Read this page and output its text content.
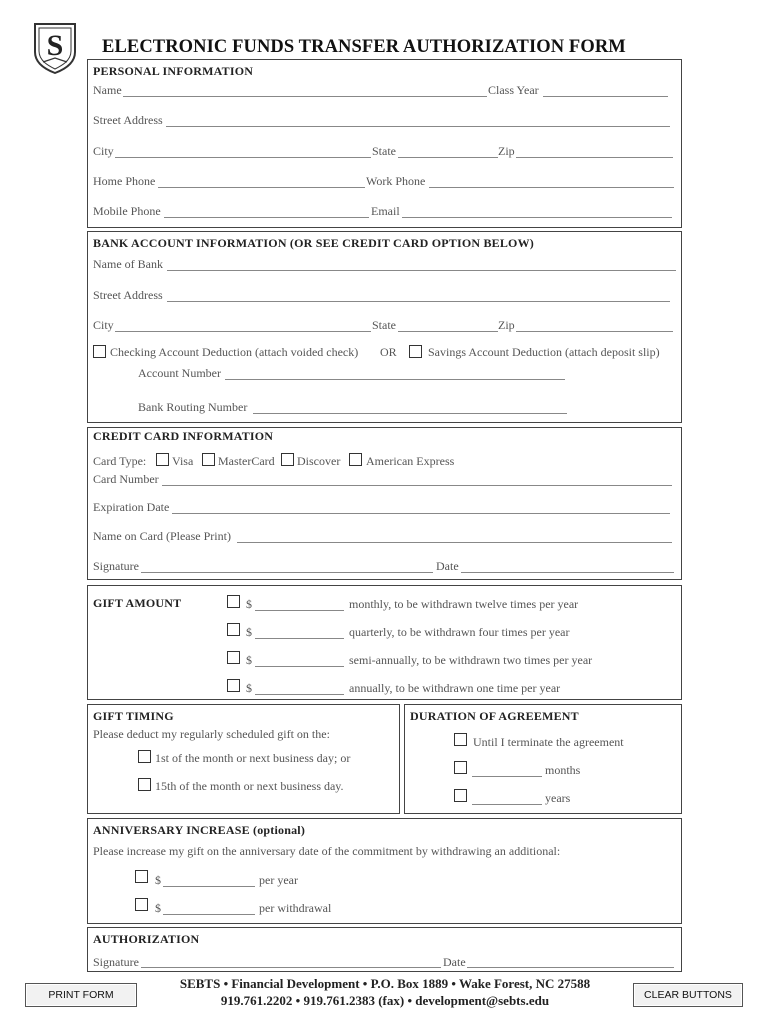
S ELECTRONIC FUNDS TRANSFER AUTHORIZATION FORM
PERSONAL INFORMATION
Name	Class Year
Street Address
City	State	Zip
Home Phone	Work Phone
Mobile Phone	Email
BANK ACCOUNT INFORMATION (OR SEE CREDIT CARD OPTION BELOW)
Name of Bank
Street Address
City	State	Zip
Checking Account Deduction (attach voided check) OR	Savings Account Deduction (attach deposit slip)
Account Number
Bank Routing Number
CREDIT CARD INFORMATION
Card Type: Visa MasterCard Discover American Express
Card Number
Expiration Date
Name on Card (Please Print)
Signature	Date
GIFT AMOUNT	$	monthly, to be withdrawn twelve times per year
$	quarterly, to be withdrawn four times per year
$	semi-annually, to be withdrawn two times per year
$	annually, to be withdrawn one time per year
GIFT TIMING
Please deduct my regularly scheduled gift on the:
1st of the month or next business day; or
15th of the month or next business day.
DURATION OF AGREEMENT
Until I terminate the agreement
months
years
ANNIVERSARY INCREASE (optional)
Please increase my gift on the anniversary date of the commitment by withdrawing an additional:
$	per year
$	per withdrawal
AUTHORIZATION
Signature	Date
SEBTS • Financial Development • P.O. Box 1889 • Wake Forest, NC 27588
919.761.2202 • 919.761.2383 (fax) • development@sebts.edu
PRINT FORM	CLEAR BUTTONS
